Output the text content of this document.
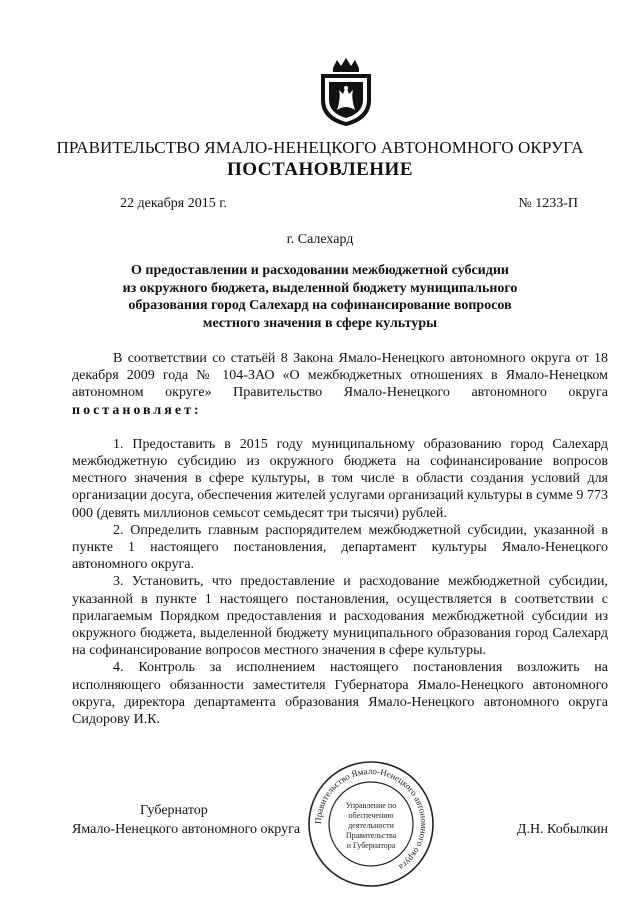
ПРАВИТЕЛЬСТВО ЯМАЛО-НЕНЕЦКОГО АВТОНОМНОГО ОКРУГА
ПОСТАНОВЛЕНИЕ
22 декабря 2015 г.	№ 1233-П
г. Салехард
О предоставлении и расходовании межбюджетной субсидии
из окружного бюджета, выделенной бюджету муниципального
образования город Салехард на софинансирование вопросов
местного значения в сфере культуры

В соответствии со статьёй 8 Закона Ямало-Ненецкого автономного округа от 18 декабря 2009 года № 104-ЗАО «О межбюджетных отношениях в Ямало-Ненецком автономном округе» Правительство Ямало-Ненецкого автономного округа постановляет:

1. Предоставить в 2015 году муниципальному образованию город Салехард межбюджетную субсидию из окружного бюджета на софинансирование вопросов местного значения в сфере культуры, в том числе в области создания условий для организации досуга, обеспечения жителей услугами организаций культуры в сумме 9 773 000 (девять миллионов семьсот семьдесят три тысячи) рублей.

2. Определить главным распорядителем межбюджетной субсидии, указанной в пункте 1 настоящего постановления, департамент культуры Ямало-Ненецкого автономного округа.

3. Установить, что предоставление и расходование межбюджетной субсидии, указанной в пункте 1 настоящего постановления, осуществляется в соответствии с прилагаемым Порядком предоставления и расходования межбюджетной субсидии из окружного бюджета, выделенной бюджету муниципального образования город Салехард на софинансирование вопросов местного значения в сфере культуры.

4. Контроль за исполнением настоящего постановления возложить на исполняющего обязанности заместителя Губернатора Ямало-Ненецкого автономного округа, директора департамента образования Ямало-Ненецкого автономного округа Сидорову И.К.

Губернатор
Ямало-Ненецкого автономного округа	Д.Н. Кобылкин
Правительство Ямало-Ненецкого автономного округа
Управление по
обеспечению
деятельности
Правительства
и Губернатора
